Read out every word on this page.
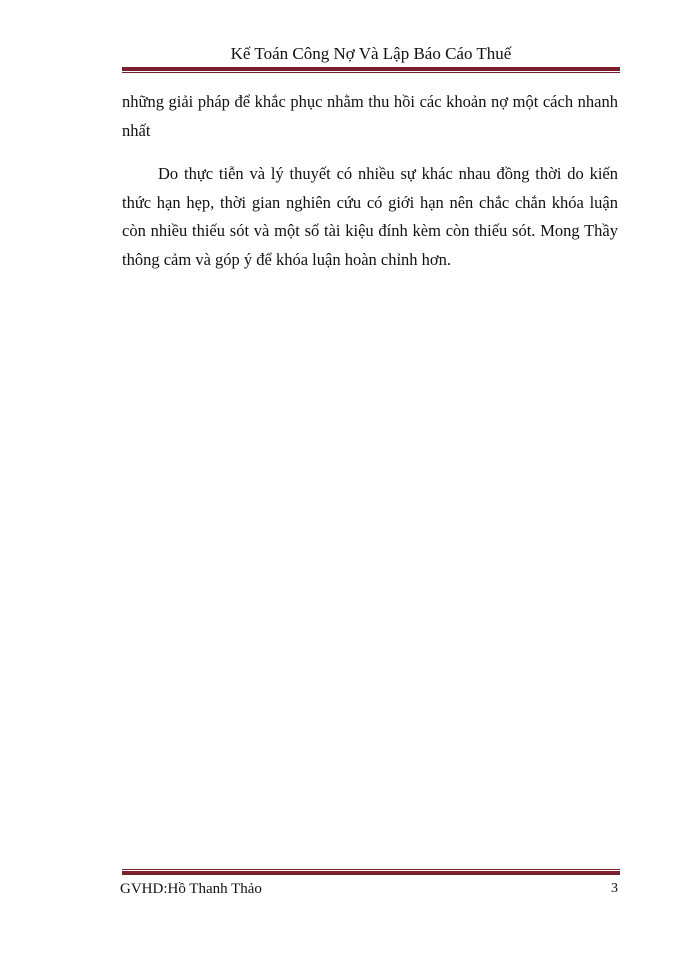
Kế Toán Công Nợ Và Lập Báo Cáo Thuế

những giải pháp để khắc phục nhằm thu hồi các khoản nợ một cách nhanh nhất

Do thực tiễn và lý thuyết có nhiều sự khác nhau đồng thời do kiến thức hạn hẹp, thời gian nghiên cứu có giới hạn nên chắc chắn khóa luận còn nhiều thiếu sót và một số tài kiệu đính kèm còn thiếu sót. Mong Thầy thông cảm và góp ý để khóa luận hoàn chỉnh hơn.

GVHD:Hồ Thanh Thảo	3
